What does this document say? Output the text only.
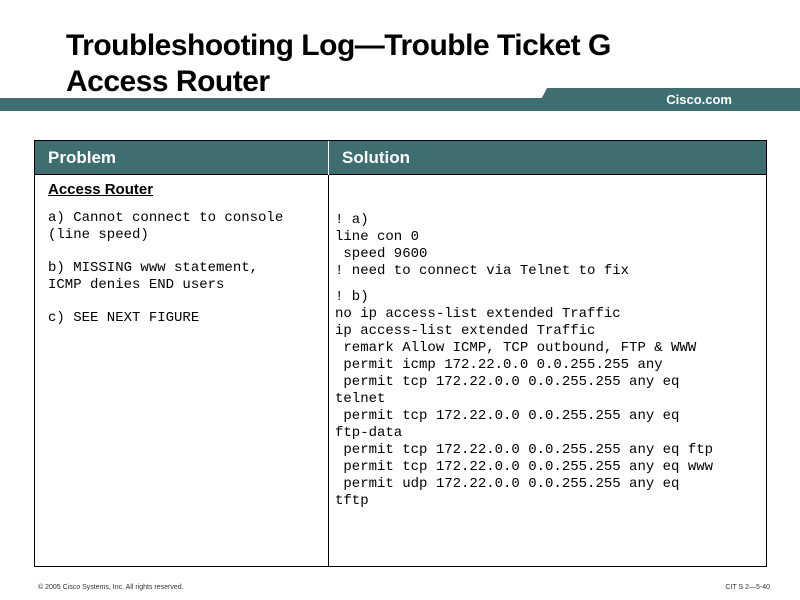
Troubleshooting Log—Trouble Ticket G
Access Router
Cisco.com
Problem	Solution
Access Router
a) Cannot connect to console
(line speed)
b) MISSING www statement,
ICMP denies END users
c) SEE NEXT FIGURE
! a)
line con 0
speed 9600
! need to connect via Telnet to fix
! b)
no ip access-list extended Traffic
ip access-list extended Traffic
remark Allow ICMP, TCP outbound, FTP & WWW
permit icmp 172.22.0.0 0.0.255.255 any
permit tcp 172.22.0.0 0.0.255.255 any eq
telnet
permit tcp 172.22.0.0 0.0.255.255 any eq
ftp-data
permit tcp 172.22.0.0 0.0.255.255 any eq ftp
permit tcp 172.22.0.0 0.0.255.255 any eq www
permit udp 172.22.0.0 0.0.255.255 any eq
tftp
© 2005 Cisco Systems, Inc. All rights reserved.	CIT S 2—5-40
